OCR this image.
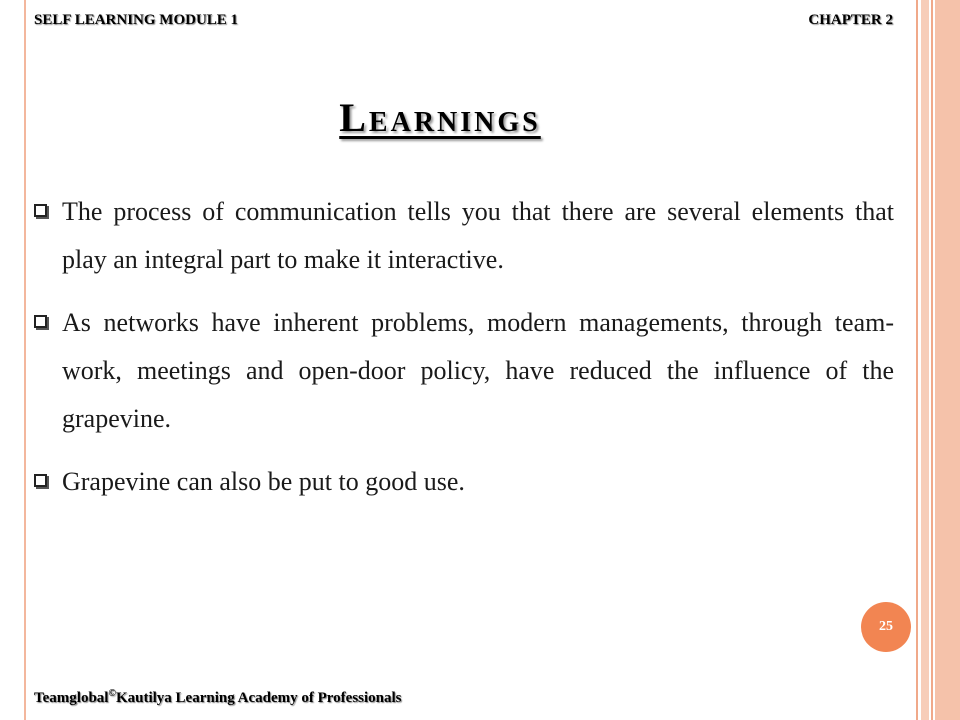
SELF LEARNING MODULE 1	CHAPTER 2
Learnings
The process of communication tells you that there are several elements that play an integral part to make it interactive.
As networks have inherent problems, modern managements, through team-work, meetings and open-door policy, have reduced the influence of the grapevine.
Grapevine can also be put to good use.
25
Teamglobal©Kautilya Learning Academy of Professionals
